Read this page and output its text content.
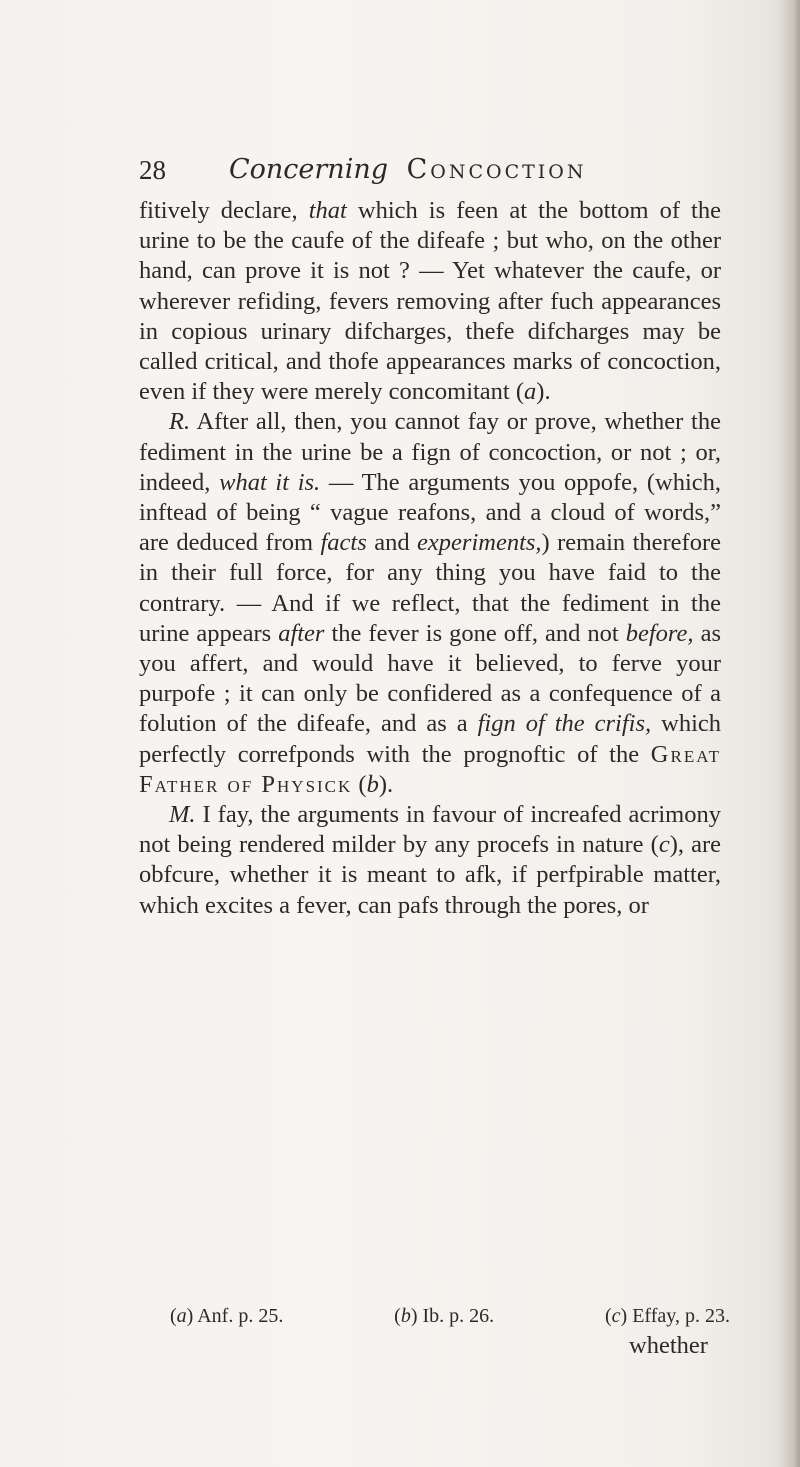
28 Concerning Concoction

fitively declare, that which is feen at the bottom of the urine to be the caufe of the difeafe ; but who, on the other hand, can prove it is not ? — Yet whatever the caufe, or wherever refiding, fevers removing after fuch appearances in copious urinary difcharges, thefe difcharges may be called critical, and thofe appearances marks of concoction, even if they were merely concomitant (a).

R. After all, then, you cannot fay or prove, whether the fediment in the urine be a fign of concoction, or not ; or, indeed, what it is. — The arguments you oppofe, (which, inftead of being “ vague reafons, and a cloud of words,” are deduced from facts and experiments,) remain therefore in their full force, for any thing you have faid to the contrary. — And if we reflect, that the fediment in the urine appears after the fever is gone off, and not before, as you affert, and would have it believed, to ferve your purpofe ; it can only be confidered as a confequence of a folution of the difeafe, and as a fign of the crifis, which perfectly correfponds with the prognoftic of the Great Father of Physick (b).

M. I fay, the arguments in favour of increafed acrimony not being rendered milder by any procefs in nature (c), are obfcure, whether it is meant to afk, if perfpirable matter, which excites a fever, can pafs through the pores, or

(a) Anf. p. 25.	(b) Ib. p. 26.	(c) Effay, p. 23.
whether
